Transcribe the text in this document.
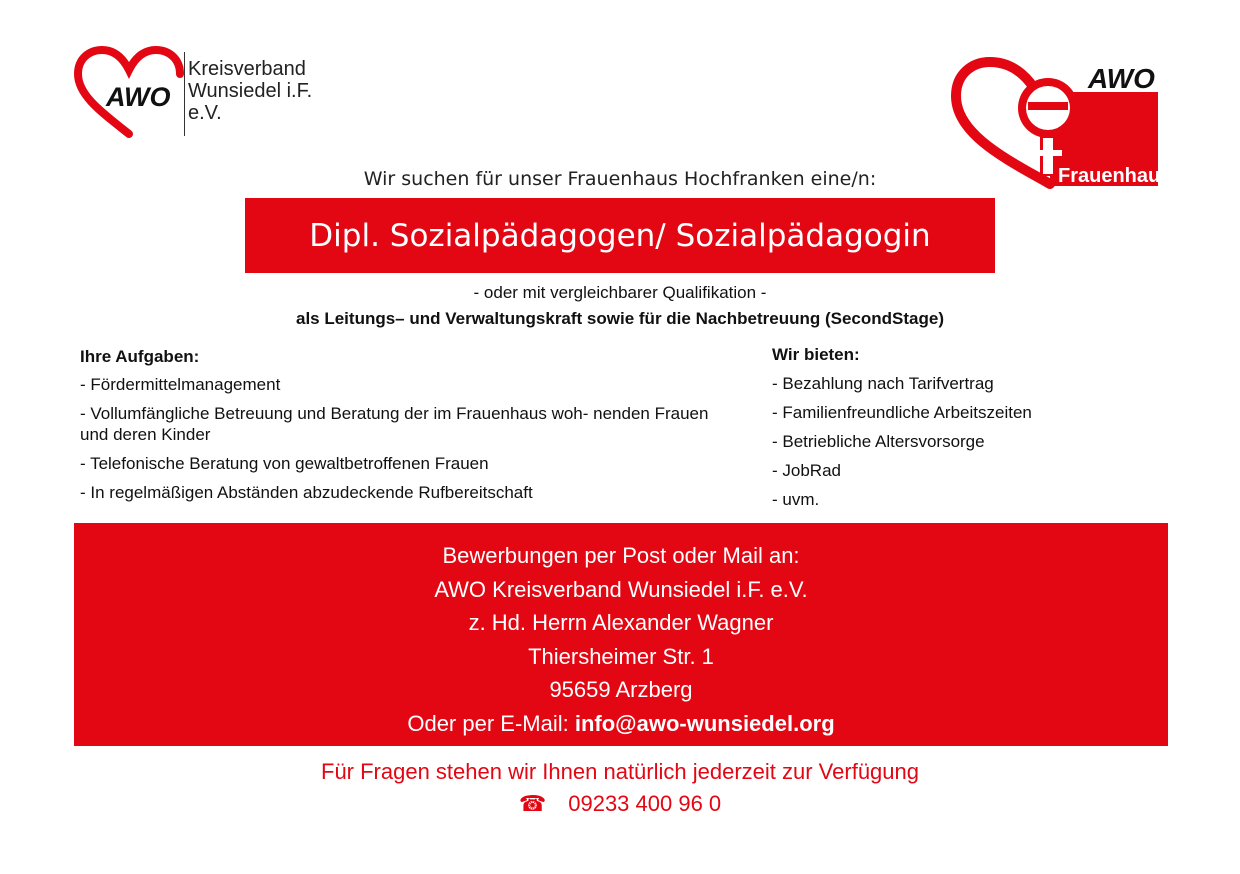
AWO
Kreisverband
Wunsiedel i.F.
e.V.
AWO
Frauenhaus
Wir suchen für unser Frauenhaus Hochfranken eine/n:
Dipl. Sozialpädagogen/ Sozialpädagogin
- oder mit vergleichbarer Qualifikation -
als Leitungs– und Verwaltungskraft sowie für die Nachbetreuung (SecondStage)
Ihre Aufgaben:
- Fördermittelmanagement
- Vollumfängliche Betreuung und Beratung der im Frauenhaus woh- nenden Frauen und deren Kinder
- Telefonische Beratung von gewaltbetroffenen Frauen
- In regelmäßigen Abständen abzudeckende Rufbereitschaft
Wir bieten:
- Bezahlung nach Tarifvertrag
- Familienfreundliche Arbeitszeiten
- Betriebliche Altersvorsorge
- JobRad
- uvm.
Bewerbungen per Post oder Mail an:
AWO Kreisverband Wunsiedel i.F. e.V.
z. Hd. Herrn Alexander Wagner
Thiersheimer Str. 1
95659 Arzberg
Oder per E-Mail: info@awo-wunsiedel.org
Für Fragen stehen wir Ihnen natürlich jederzeit zur Verfügung
☎ 09233 400 96 0
